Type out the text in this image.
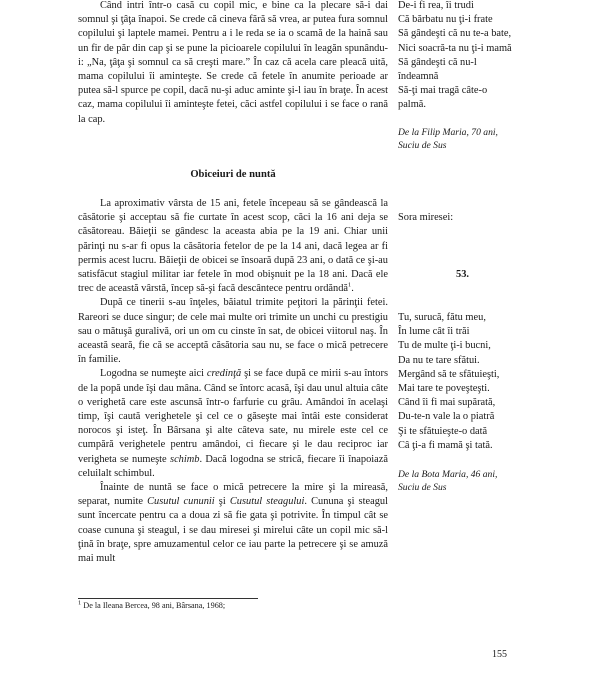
Când intri într-o casă cu copil mic, e bine ca la plecare să-i dai somnul şi ţâţa înapoi. Se crede că cineva fără să vrea, ar putea fura somnul copilului şi laptele mamei. Pentru a i le reda se ia o scamă de la haină sau un fir de păr din cap şi se pune la picioarele copilului în leagăn spunându-i: „Na, ţâţa şi somnul ca să creşti mare.” În caz că acela care pleacă uită, mama copilului îi aminteşte. Se crede că fetele în anumite perioade ar putea să-l spurce pe copil, dacă nu-şi aduc aminte şi-l iau în braţe. În acest caz, mama copilului îi aminteşte fetei, căci astfel copilului i se face o rană la cap.

Obiceiuri de nuntă

La aproximativ vârsta de 15 ani, fetele începeau să se gândească la căsătorie şi acceptau să fie curtate în acest scop, căci la 16 ani deja se căsătoreau. Băieţii se gândesc la aceasta abia pe la 19 ani. Chiar unii părinţi nu s-ar fi opus la căsătoria fetelor de pe la 14 ani, dacă legea ar fi permis acest lucru. Băieţii de obicei se însoară după 23 ani, o dată ce şi-au satisfăcut stagiul militar iar fetele în mod obişnuit pe la 18 ani. Dacă ele trec de această vârstă, încep să-şi facă descântece pentru ordăndă$^1$.

După ce tinerii s-au înţeles, băiatul trimite peţitori la părinţii fetei. Rareori se duce singur; de cele mai multe ori trimite un unchi cu prestigiu sau o mătuşă guralivă, ori un om cu cinste în sat, de obicei viitorul naş. În această seară, fie că se acceptă căsătoria sau nu, se face o mică petrecere în familie.

Logodna se numeşte aici credinţă şi se face după ce mirii s-au întors de la popă unde îşi dau mâna. Când se întorc acasă, îşi dau unul altuia câte o verighetă care este ascunsă într-o farfurie cu grâu. Amândoi în acelaşi timp, îşi caută verighetele şi cel ce o găseşte mai întâi este considerat norocos şi isteţ. În Bârsana şi alte câteva sate, nu mirele este cel ce cumpără verighetele pentru amândoi, ci fiecare şi le dau reciproc iar verigheta se numeşte schimb. Dacă logodna se strică, fiecare îi înapoiază celuilalt schimbul.

Înainte de nuntă se face o mică petrecere la mire şi la mireasă, separat, numite Cusutul cununii şi Cusutul steagului. Cununa şi steagul sunt încercate pentru ca a doua zi să fie gata şi potrivite. În timpul cât se coase cununa şi steagul, i se dau miresei şi mirelui câte un copil mic să-l ţină în braţe, spre amuzamentul celor ce iau parte la petrecere şi se amuză mai mult

$^1$ De la Ileana Bercea, 98 ani, Bârsana, 1968;
De-i fi rea, îi trudi
Că bărbatu nu ţi-i frate
Să gândeşti că nu te-a bate,
Nici soacră-ta nu ţi-i mamă
Să gândeşti că nu-l
îndeamnă
Să-ţi mai tragă câte-o
palmă.
De la Filip Maria, 70 ani,
Suciu de Sus
Sora miresei:
53.
Tu, surucă, fătu meu,
În lume cât îi trăi
Tu de multe ţi-i bucni,
Da nu te tare sfătui.
Mergând să te sfătuieşti,
Mai tare te poveşteşti.
Când îi fi mai supărată,
Du-te-n vale la o piatră
Şi te sfătuieşte-o dată
Câ ţi-a fi mamă şi tată.
De la Bota Maria, 46 ani,
Suciu de Sus
155
